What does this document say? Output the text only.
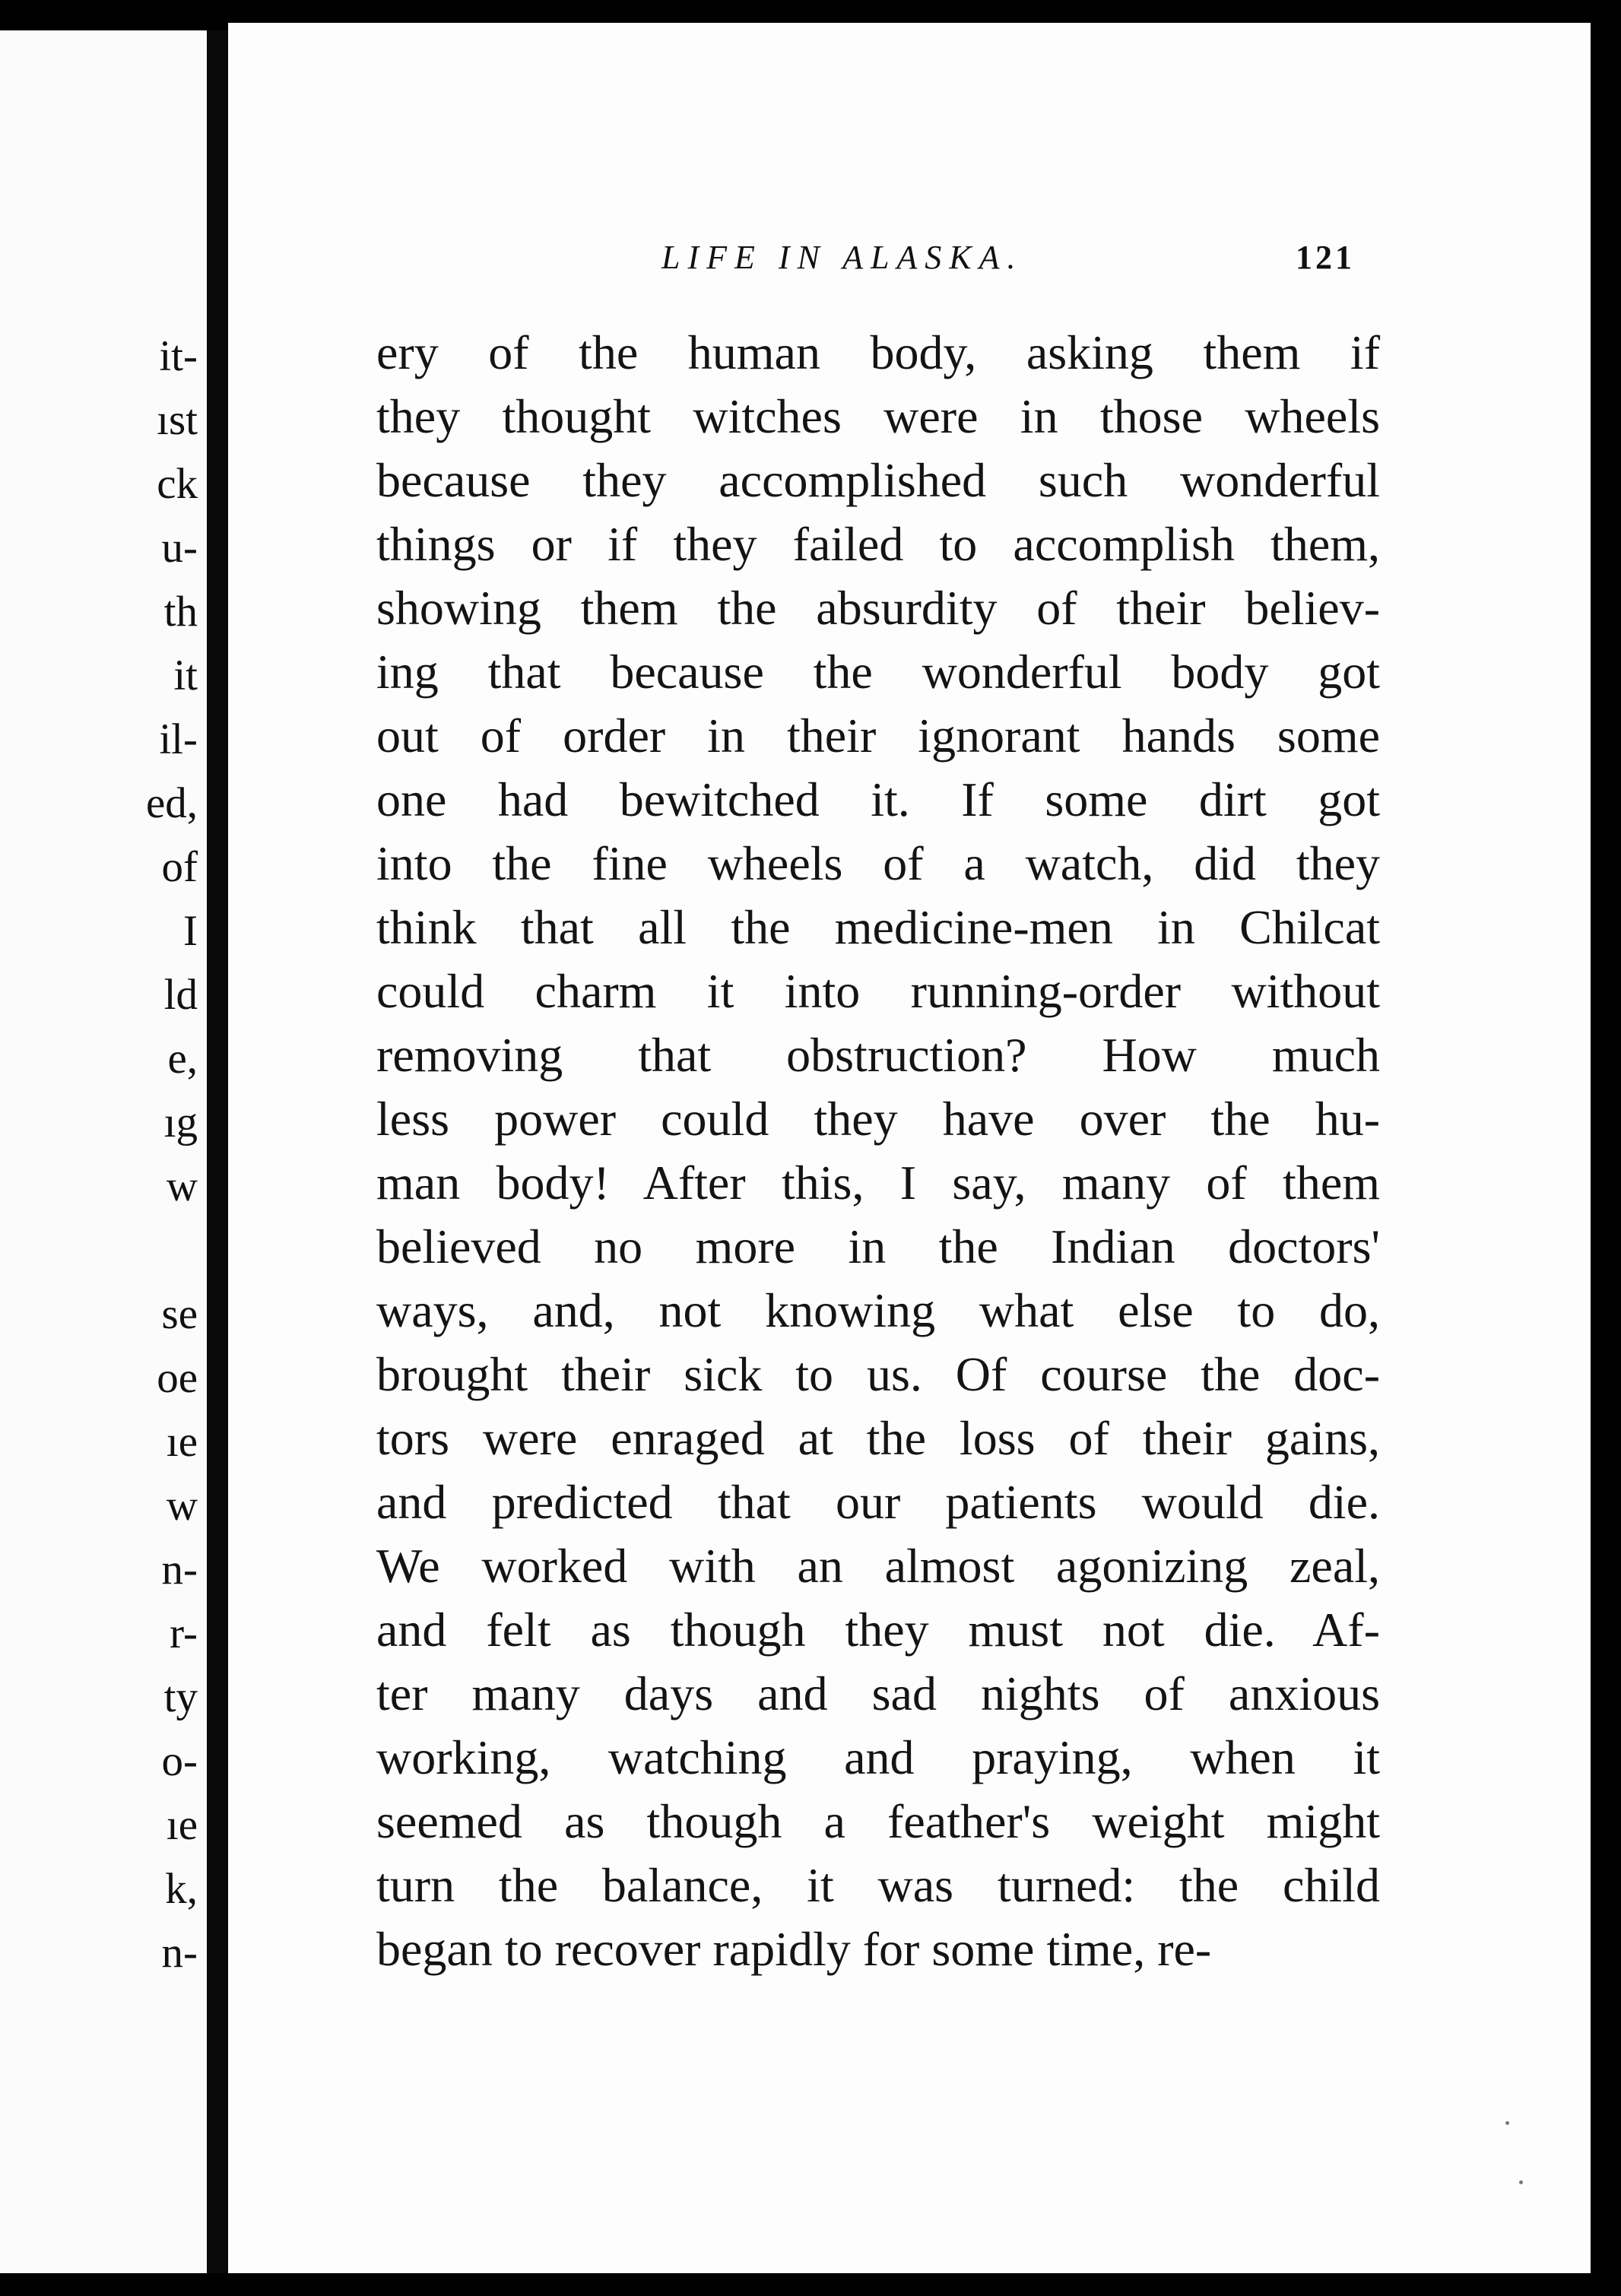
it-
ıst
ck
u-
th
it
il-
ed,
of
I
ld
e,
ıg
w
se
oe
ıe
w
n-
r-
ty
o-
ıe
k,
n-
LIFE IN ALASKA.	121
ery of the human body, asking them if
they thought witches were in those wheels
because they accomplished such wonderful
things or if they failed to accomplish them,
showing them the absurdity of their believ-
ing that because the wonderful body got
out of order in their ignorant hands some
one had bewitched it. If some dirt got
into the fine wheels of a watch, did they
think that all the medicine-men in Chilcat
could charm it into running-order without
removing that obstruction? How much
less power could they have over the hu-
man body! After this, I say, many of them
believed no more in the Indian doctors'
ways, and, not knowing what else to do,
brought their sick to us. Of course the doc-
tors were enraged at the loss of their gains,
and predicted that our patients would die.
We worked with an almost agonizing zeal,
and felt as though they must not die. Af-
ter many days and sad nights of anxious
working, watching and praying, when it
seemed as though a feather's weight might
turn the balance, it was turned: the child
began to recover rapidly for some time, re-
